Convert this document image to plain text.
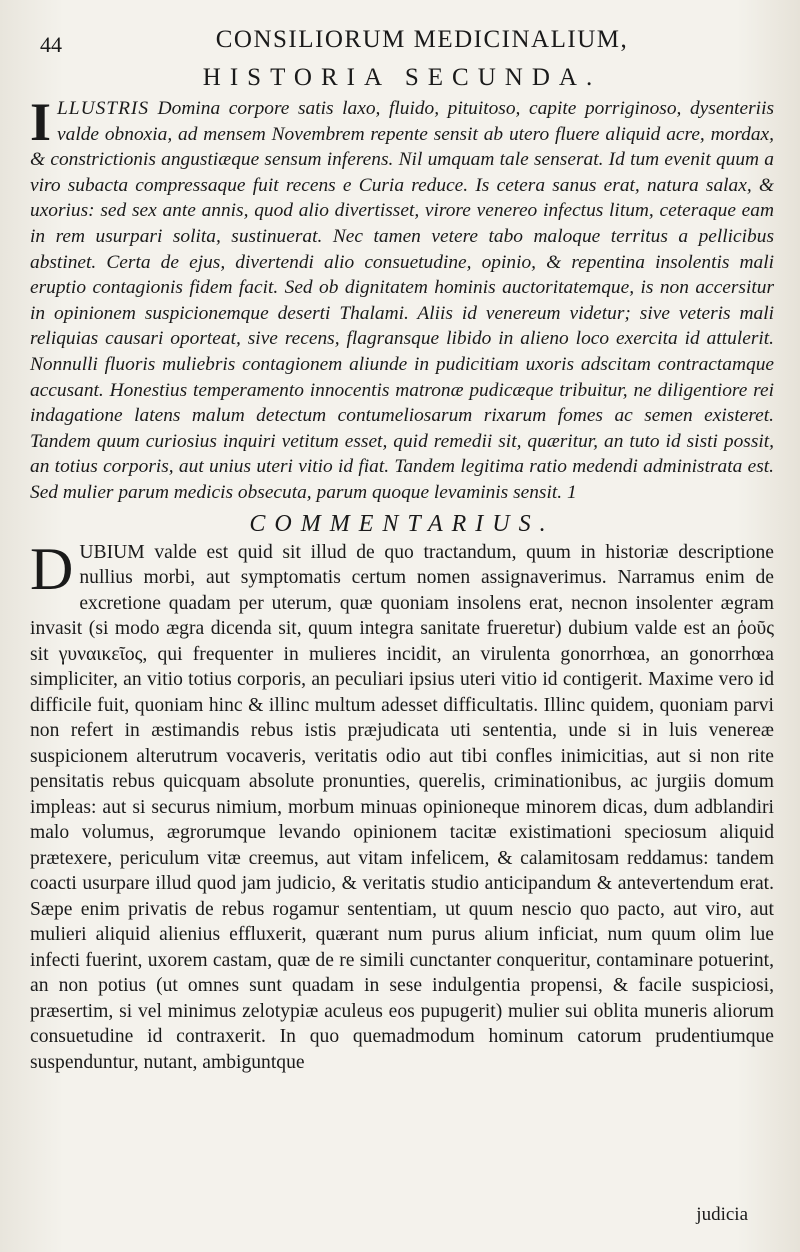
44	CONSILIORUM MEDICINALIUM,
HISTORIA SECUNDA.

ILLUSTRIS Domina corpore satis laxo, fluido, pituitoso, capite porriginoso, dysenteriis valde obnoxia, ad mensem Novembrem repente sensit ab utero fluere aliquid acre, mordax, & constrictionis angustiæque sensum inferens. Nil umquam tale senserat. Id tum evenit quum a viro subacta compressaque fuit recens e Curia reduce. Is cetera sanus erat, natura salax, & uxorius: sed sex ante annis, quod alio divertisset, virore venereo infectus litum, ceteraque eam in rem usurpari solita, sustinuerat. Nec tamen vetere tabo maloque territus a pellicibus abstinet. Certa de ejus, divertendi alio consuetudine, opinio, & repentina insolentis mali eruptio contagionis fidem facit. Sed ob dignitatem hominis auctoritatemque, is non accersitur in opinionem suspicionemque deserti Thalami. Aliis id venereum videtur; sive veteris mali reliquias causari oporteat, sive recens, flagransque libido in alieno loco exercita id attulerit. Nonnulli fluoris muliebris contagionem aliunde in pudicitiam uxoris adscitam contractamque accusant. Honestius temperamento innocentis matronæ pudicæque tribuitur, ne diligentiore rei indagatione latens malum detectum contumeliosarum rixarum fomes ac semen existeret. Tandem quum curiosius inquiri vetitum esset, quid remedii sit, quæritur, an tuto id sisti possit, an totius corporis, aut unius uteri vitio id fiat. Tandem legitima ratio medendi administrata est. Sed mulier parum medicis obsecuta, parum quoque levaminis sensit. 1

COMMENTARIUS.

DUBIUM valde est quid sit illud de quo tractandum, quum in historiæ descriptione nullius morbi, aut symptomatis certum nomen assignaverimus. Narramus enim de excretione quadam per uterum, quæ quoniam insolens erat, necnon insolenter ægram invasit (si modo ægra dicenda sit, quum integra sanitate frueretur) dubium valde est an ῥοῦς sit γυναικεῖος, qui frequenter in mulieres incidit, an virulenta gonorrhœa, an gonorrhœa simpliciter, an vitio totius corporis, an peculiari ipsius uteri vitio id contigerit. Maxime vero id difficile fuit, quoniam hinc & illinc multum adesset difficultatis. Illinc quidem, quoniam parvi non refert in æstimandis rebus istis præjudicata uti sententia, unde si in luis venereæ suspicionem alterutrum vocaveris, veritatis odio aut tibi confles inimicitias, aut si non rite pensitatis rebus quicquam absolute pronunties, querelis, criminationibus, ac jurgiis domum impleas: aut si securus nimium, morbum minuas opinioneque minorem dicas, dum adblandiri malo volumus, ægrorumque levando opinionem tacitæ existimationi speciosum aliquid prætexere, periculum vitæ creemus, aut vitam infelicem, & calamitosam reddamus: tandem coacti usurpare illud quod jam judicio, & veritatis studio anticipandum & antevertendum erat. Sæpe enim privatis de rebus rogamur sententiam, ut quum nescio quo pacto, aut viro, aut mulieri aliquid alienius effluxerit, quærant num purus alium inficiat, num quum olim lue infecti fuerint, uxorem castam, quæ de re simili cunctanter conqueritur, contaminare potuerint, an non potius (ut omnes sunt quadam in sese indulgentia propensi, & facile suspiciosi, præsertim, si vel minimus zelotypiæ aculeus eos pupugerit) mulier sui oblita muneris aliorum consuetudine id contraxerit. In quo quemadmodum hominum catorum prudentiumque suspenduntur, nutant, ambiguntque

judicia
